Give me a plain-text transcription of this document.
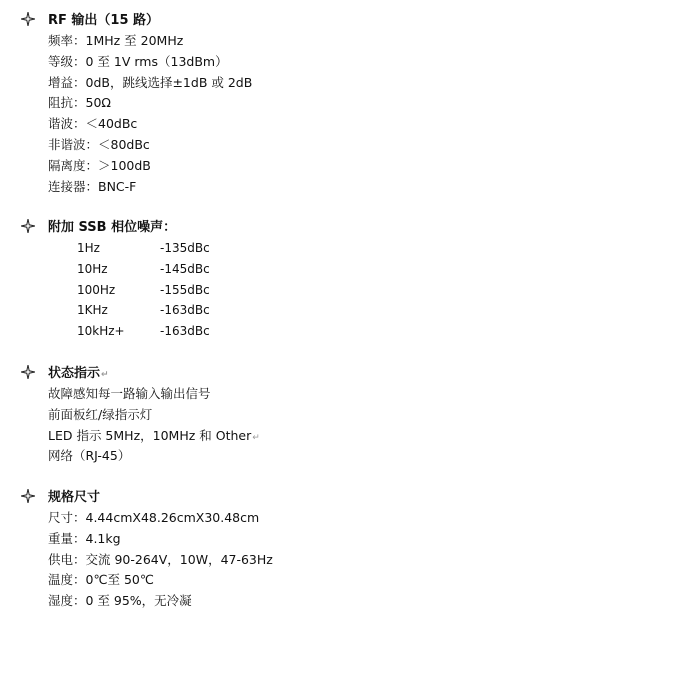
RF 输出（15 路）
频率：1MHz 至 20MHz
等级：0 至 1V rms（13dBm）
增益：0dB，跳线选择±1dB 或 2dB
阻抗：50Ω
谐波：＜40dBc
非谐波：＜80dBc
隔离度：＞100dB
连接器：BNC-F
附加 SSB 相位噪声：
1Hz	-135dBc
10Hz	-145dBc
100Hz	-155dBc
1KHz	-163dBc
10kHz+	-163dBc
状态指示↵
故障感知每一路输入输出信号
前面板红/绿指示灯
LED 指示 5MHz，10MHz 和 Other↵
网络（RJ-45）
规格尺寸
尺寸：4.44cmX48.26cmX30.48cm
重量：4.1kg
供电：交流 90-264V，10W，47-63Hz
温度：0℃至 50℃
湿度：0 至 95%，无冷凝
